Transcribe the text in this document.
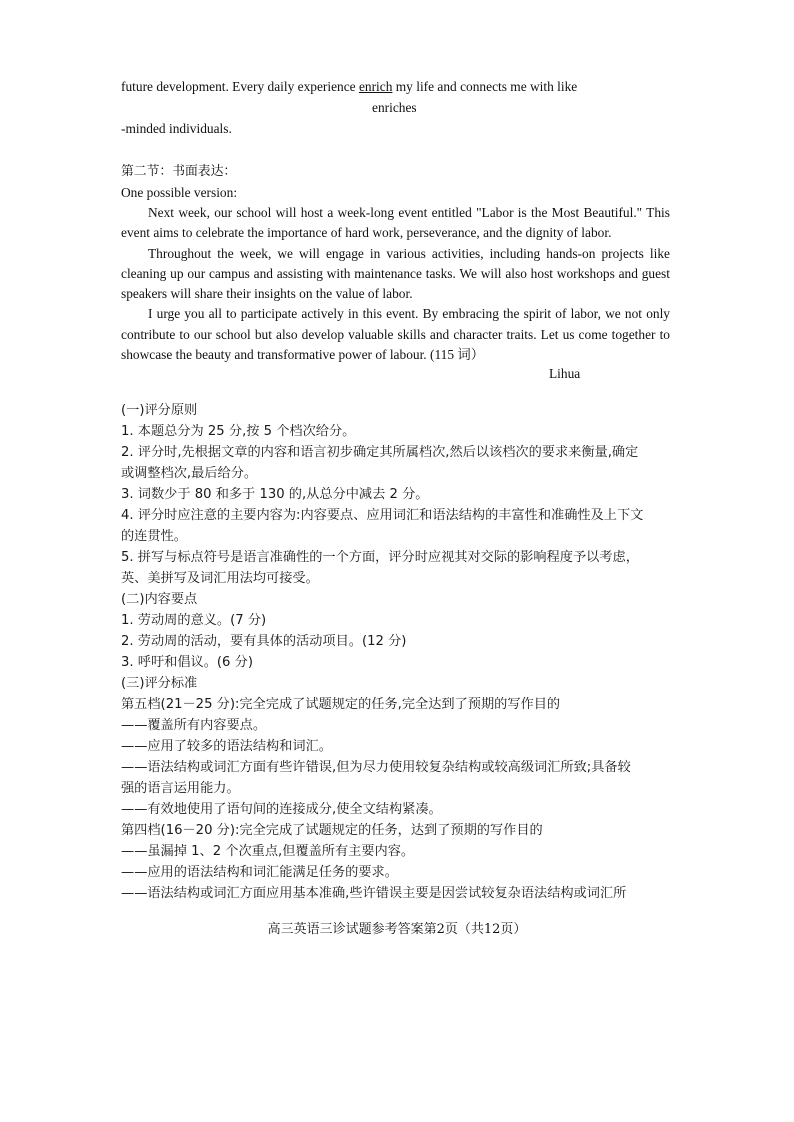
future development. Every daily experience enrich my life and connects me with like
enriches
-minded individuals.
第二节：书面表达：
One possible version:

Next week, our school will host a week-long event entitled "Labor is the Most Beautiful." This event aims to celebrate the importance of hard work, perseverance, and the dignity of labor.

Throughout the week, we will engage in various activities, including hands-on projects like cleaning up our campus and assisting with maintenance tasks. We will also host workshops and guest speakers will share their insights on the value of labor.

I urge you all to participate actively in this event. By embracing the spirit of labor, we not only contribute to our school but also develop valuable skills and character traits. Let us come together to showcase the beauty and transformative power of labour. (115 词）

Lihua
(一)评分原则
1. 本题总分为 25 分,按 5 个档次给分。
2. 评分时,先根据文章的内容和语言初步确定其所属档次,然后以该档次的要求来衡量,确定
或调整档次,最后给分。
3. 词数少于 80 和多于 130 的,从总分中减去 2 分。
4. 评分时应注意的主要内容为:内容要点、应用词汇和语法结构的丰富性和准确性及上下文
的连贯性。
5. 拼写与标点符号是语言准确性的一个方面，评分时应视其对交际的影响程度予以考虑，
英、美拼写及词汇用法均可接受。
(二)内容要点
1. 劳动周的意义。(7 分)
2. 劳动周的活动，要有具体的活动项目。(12 分)
3. 呼吁和倡议。(6 分)
(三)评分标准
第五档(21－25 分):完全完成了试题规定的任务,完全达到了预期的写作目的
——覆盖所有内容要点。
——应用了较多的语法结构和词汇。
——语法结构或词汇方面有些许错误,但为尽力使用较复杂结构或较高级词汇所致;具备较
强的语言运用能力。
——有效地使用了语句间的连接成分,使全文结构紧凑。
第四档(16－20 分):完全完成了试题规定的任务，达到了预期的写作目的
——虽漏掉 1、2 个次重点,但覆盖所有主要内容。
——应用的语法结构和词汇能满足任务的要求。
——语法结构或词汇方面应用基本准确,些许错误主要是因尝试较复杂语法结构或词汇所
高三英语三诊试题参考答案第2页（共12页）
